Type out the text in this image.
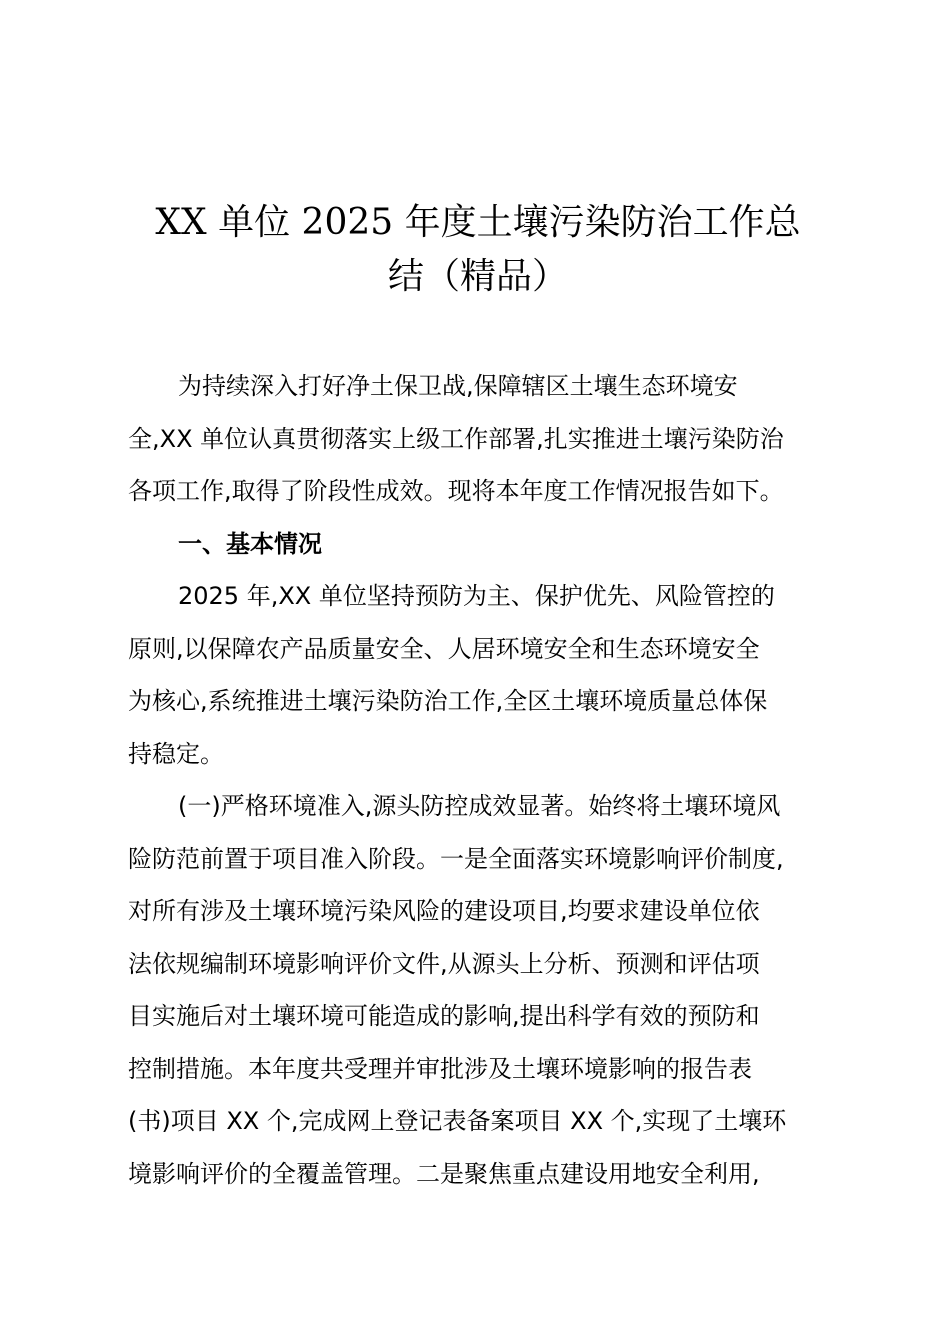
XX 单位 2025 年度土壤污染防治工作总
结（精品）
为持续深入打好净土保卫战,保障辖区土壤生态环境安
全,XX 单位认真贯彻落实上级工作部署,扎实推进土壤污染防治
各项工作,取得了阶段性成效。现将本年度工作情况报告如下。
一、基本情况
2025 年,XX 单位坚持预防为主、保护优先、风险管控的
原则,以保障农产品质量安全、人居环境安全和生态环境安全
为核心,系统推进土壤污染防治工作,全区土壤环境质量总体保
持稳定。
(一)严格环境准入,源头防控成效显著。始终将土壤环境风
险防范前置于项目准入阶段。一是全面落实环境影响评价制度,
对所有涉及土壤环境污染风险的建设项目,均要求建设单位依
法依规编制环境影响评价文件,从源头上分析、预测和评估项
目实施后对土壤环境可能造成的影响,提出科学有效的预防和
控制措施。本年度共受理并审批涉及土壤环境影响的报告表
(书)项目 XX 个,完成网上登记表备案项目 XX 个,实现了土壤环
境影响评价的全覆盖管理。二是聚焦重点建设用地安全利用,
